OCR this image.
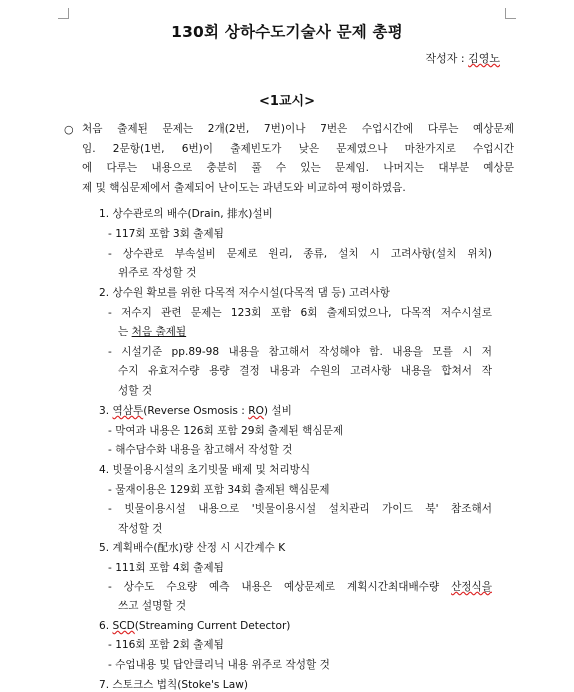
130회 상하수도기술사 문제 총평
작성자 : 김영노
<1교시>
○ 처음 출제된 문제는 2개(2번, 7번)이나 7번은 수업시간에 다루는 예상문제
임. 2문항(1번, 6번)이 출제빈도가 낮은 문제였으나 마찬가지로 수업시간
에 다루는 내용으로 충분히 풀 수 있는 문제임. 나머지는 대부분 예상문
제 및 핵심문제에서 출제되어 난이도는 과년도와 비교하여 평이하였음.
1. 상수관로의 배수(Drain, 排水)설비
- 117회 포함 3회 출제됨
- 상수관로 부속설비 문제로 원리, 종류, 설치 시 고려사항(설치 위치)
위주로 작성할 것
2. 상수원 확보를 위한 다목적 저수시설(다목적 댐 등) 고려사항
- 저수지 관련 문제는 123회 포함 6회 출제되었으나, 다목적 저수시설로
는 처음 출제됨
- 시설기준 pp.89-98 내용을 참고해서 작성해야 함. 내용을 모를 시 저
수지 유효저수량 용량 결정 내용과 수원의 고려사항 내용을 합쳐서 작
성할 것
3. 역삼투(Reverse Osmosis : RO) 설비
- 막여과 내용은 126회 포함 29회 출제된 핵심문제
- 해수담수화 내용을 참고해서 작성할 것
4. 빗물이용시설의 초기빗물 배제 및 처리방식
- 물재이용은 129회 포함 34회 출제된 핵심문제
- 빗물이용시설 내용으로 '빗물이용시설 설치관리 가이드 북' 참조해서
작성할 것
5. 계획배수(配水)량 산정 시 시간계수 K
- 111회 포함 4회 출제됨
- 상수도 수요량 예측 내용은 예상문제로 계획시간최대배수량 산정식을
쓰고 설명할 것
6. SCD(Streaming Current Detector)
- 116회 포함 2회 출제됨
- 수업내용 및 답안클리닉 내용 위주로 작성할 것
7. 스토크스 법칙(Stoke's Law)
